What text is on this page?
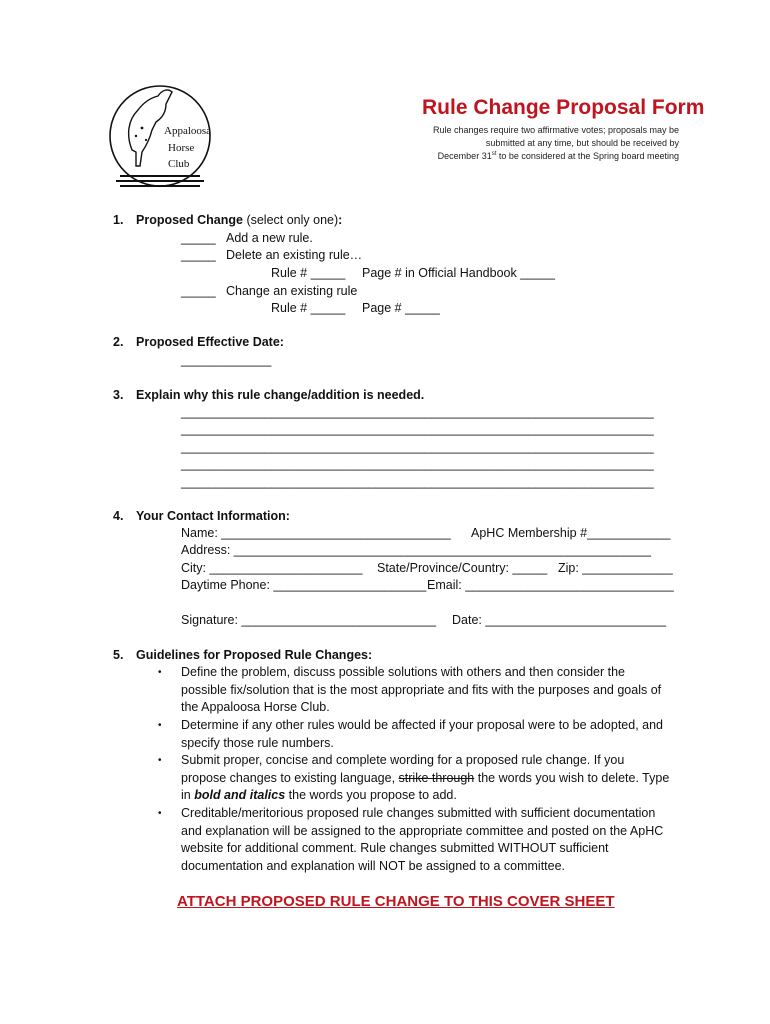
Appaloosa
Horse
Club
Rule Change Proposal Form
Rule changes require two affirmative votes; proposals may be
submitted at any time, but should be received by
December 31st to be considered at the Spring board meeting
1. Proposed Change (select only one):
_____ Add a new rule.
_____ Delete an existing rule…
Rule # _____ Page # in Official Handbook _____
_____ Change an existing rule
Rule # _____ Page # _____
2. Proposed Effective Date:
_____________
3. Explain why this rule change/addition is needed.
____________________________________________________________________
____________________________________________________________________
____________________________________________________________________
____________________________________________________________________
____________________________________________________________________
4. Your Contact Information:
Name: _________________________________ ApHC Membership #____________
Address: ____________________________________________________________
City: ______________________ State/Province/Country: _____ Zip: _____________
Daytime Phone: ______________________ Email: ______________________________
Signature: ____________________________ Date: __________________________
5. Guidelines for Proposed Rule Changes:
• Define the problem, discuss possible solutions with others and then consider the
possible fix/solution that is the most appropriate and fits with the purposes and goals of
the Appaloosa Horse Club.
• Determine if any other rules would be affected if your proposal were to be adopted, and
specify those rule numbers.
• Submit proper, concise and complete wording for a proposed rule change. If you
propose changes to existing language, strike through the words you wish to delete. Type
in bold and italics the words you propose to add.
• Creditable/meritorious proposed rule changes submitted with sufficient documentation
and explanation will be assigned to the appropriate committee and posted on the ApHC
website for additional comment. Rule changes submitted WITHOUT sufficient
documentation and explanation will NOT be assigned to a committee.
ATTACH PROPOSED RULE CHANGE TO THIS COVER SHEET
